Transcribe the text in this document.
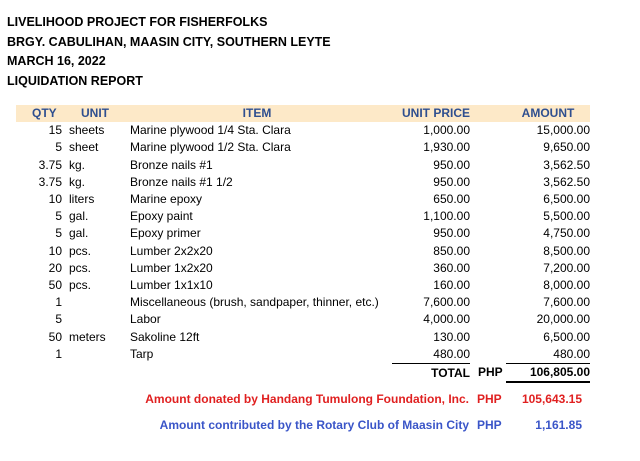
LIVELIHOOD PROJECT FOR FISHERFOLKS
BRGY. CABULIHAN, MAASIN CITY, SOUTHERN LEYTE
MARCH 16, 2022
LIQUIDATION REPORT
QTY	UNIT	ITEM	UNIT PRICE		AMOUNT
15	sheets	Marine plywood 1/4 Sta. Clara	1,000.00		15,000.00
5	sheet	Marine plywood 1/2 Sta. Clara	1,930.00		9,650.00
3.75	kg.	Bronze nails #1	950.00		3,562.50
3.75	kg.	Bronze nails #1 1/2	950.00		3,562.50
10	liters	Marine epoxy	650.00		6,500.00
5	gal.	Epoxy paint	1,100.00		5,500.00
5	gal.	Epoxy primer	950.00		4,750.00
10	pcs.	Lumber 2x2x20	850.00		8,500.00
20	pcs.	Lumber 1x2x20	360.00		7,200.00
50	pcs.	Lumber 1x1x10	160.00		8,000.00
1		Miscellaneous (brush, sandpaper, thinner, etc.)	7,600.00		7,600.00
5		Labor	4,000.00		20,000.00
50	meters	Sakoline 12ft	130.00		6,500.00
1		Tarp	480.00		480.00
			TOTAL	PHP	106,805.00
Amount donated by Handang Tumulong Foundation, Inc. PHP 105,643.15
Amount contributed by the Rotary Club of Maasin City PHP	1,161.85
